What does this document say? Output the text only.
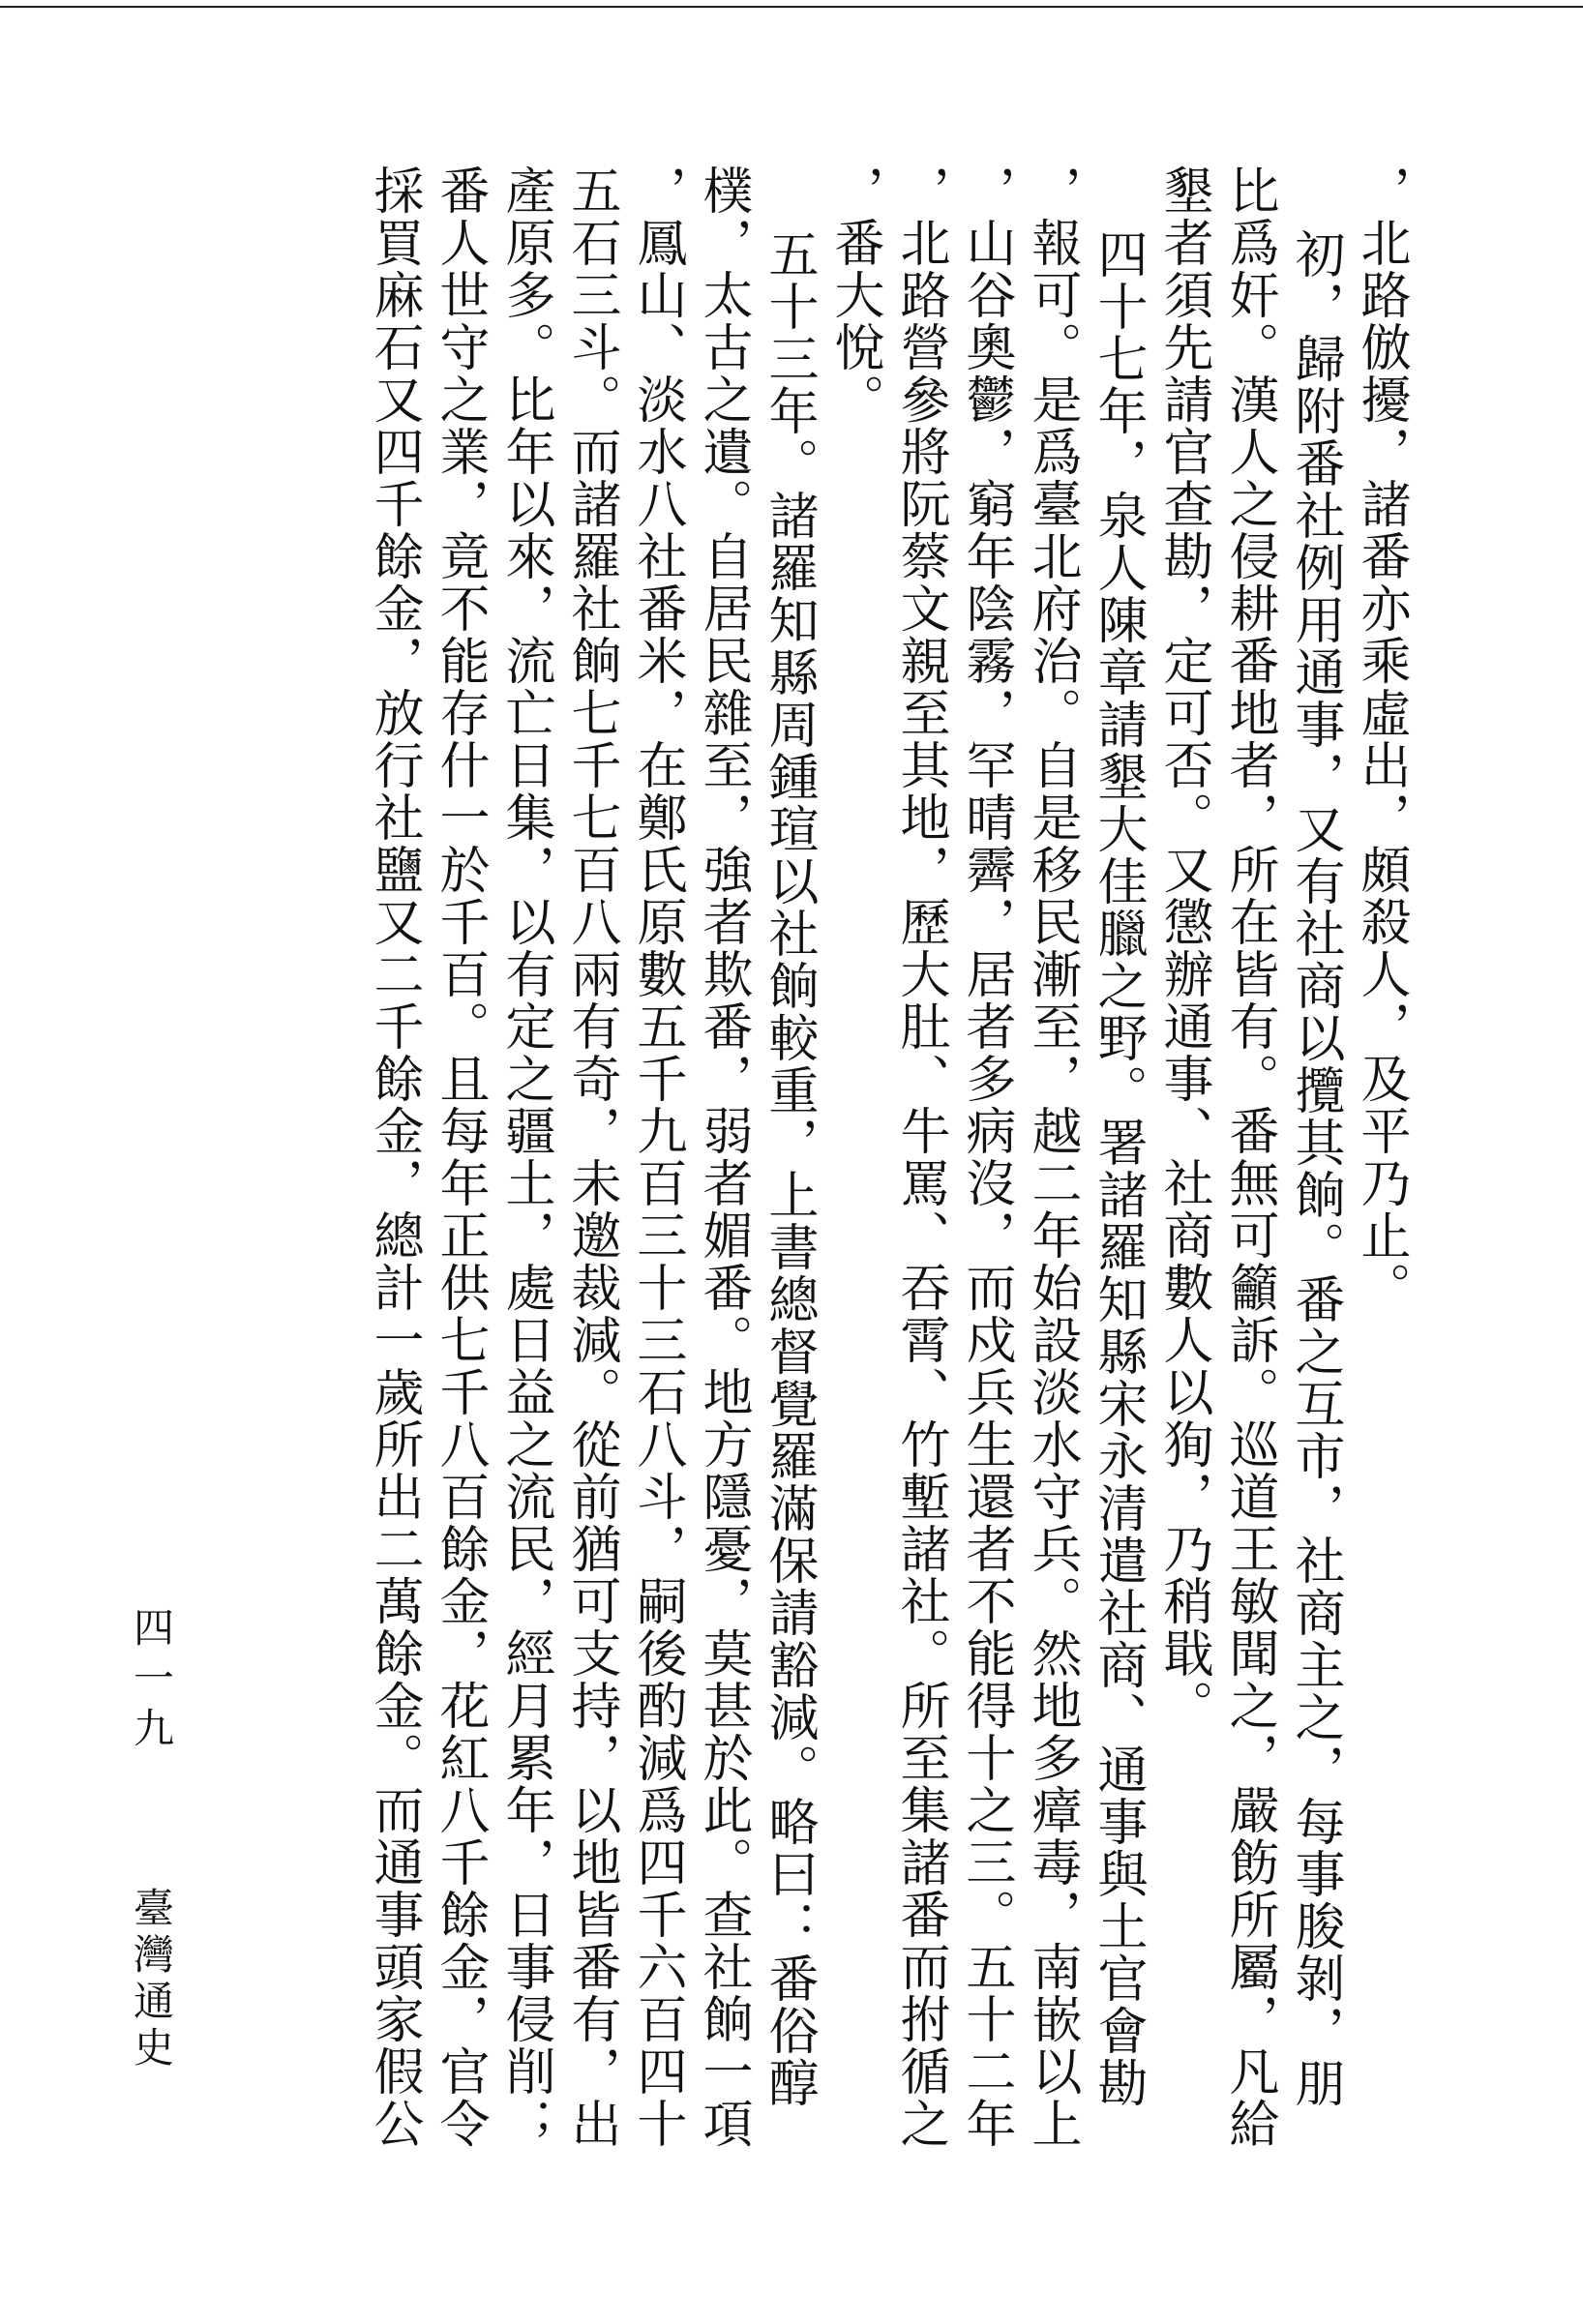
，北路倣擾，諸番亦乘虛出，頗殺人，及平乃止。
初，歸附番社例用通事，又有社商以攬其餉。番之互市，社商主之，每事朘剝，朋
比爲奸。漢人之侵耕番地者，所在皆有。番無可籲訴。巡道王敏聞之，嚴飭所屬，凡給
墾者須先請官查勘，定可否。又懲辦通事、社商數人以狥，乃稍戢。
四十七年，泉人陳章請墾大佳臘之野。署諸羅知縣宋永清遣社商、通事與土官會勘
，報可。是爲臺北府治。自是移民漸至，越二年始設淡水守兵。然地多瘴毒，南嵌以上
，山谷奧鬱，窮年陰霧，罕晴霽，居者多病沒，而戍兵生還者不能得十之三。五十二年
，北路營參將阮蔡文親至其地，歷大肚、牛罵、吞霄、竹塹諸社。所至集諸番而拊循之
，番大悅。
五十三年。諸羅知縣周鍾瑄以社餉較重，上書總督覺羅滿保請豁減。略曰：番俗醇
樸，太古之遺。自居民雜至，強者欺番，弱者媚番。地方隱憂，莫甚於此。查社餉一項
，鳳山、淡水八社番米，在鄭氏原數五千九百三十三石八斗，嗣後酌減爲四千六百四十
五石三斗。而諸羅社餉七千七百八兩有奇，未邀裁減。從前猶可支持，以地皆番有，出
產原多。比年以來，流亡日集，以有定之疆土，處日益之流民，經月累年，日事侵削；
番人世守之業，竟不能存什一於千百。且每年正供七千八百餘金，花紅八千餘金，官令
採買麻石又四千餘金，放行社鹽又二千餘金，總計一歲所出二萬餘金。而通事頭家假公
四一九
臺灣通史
